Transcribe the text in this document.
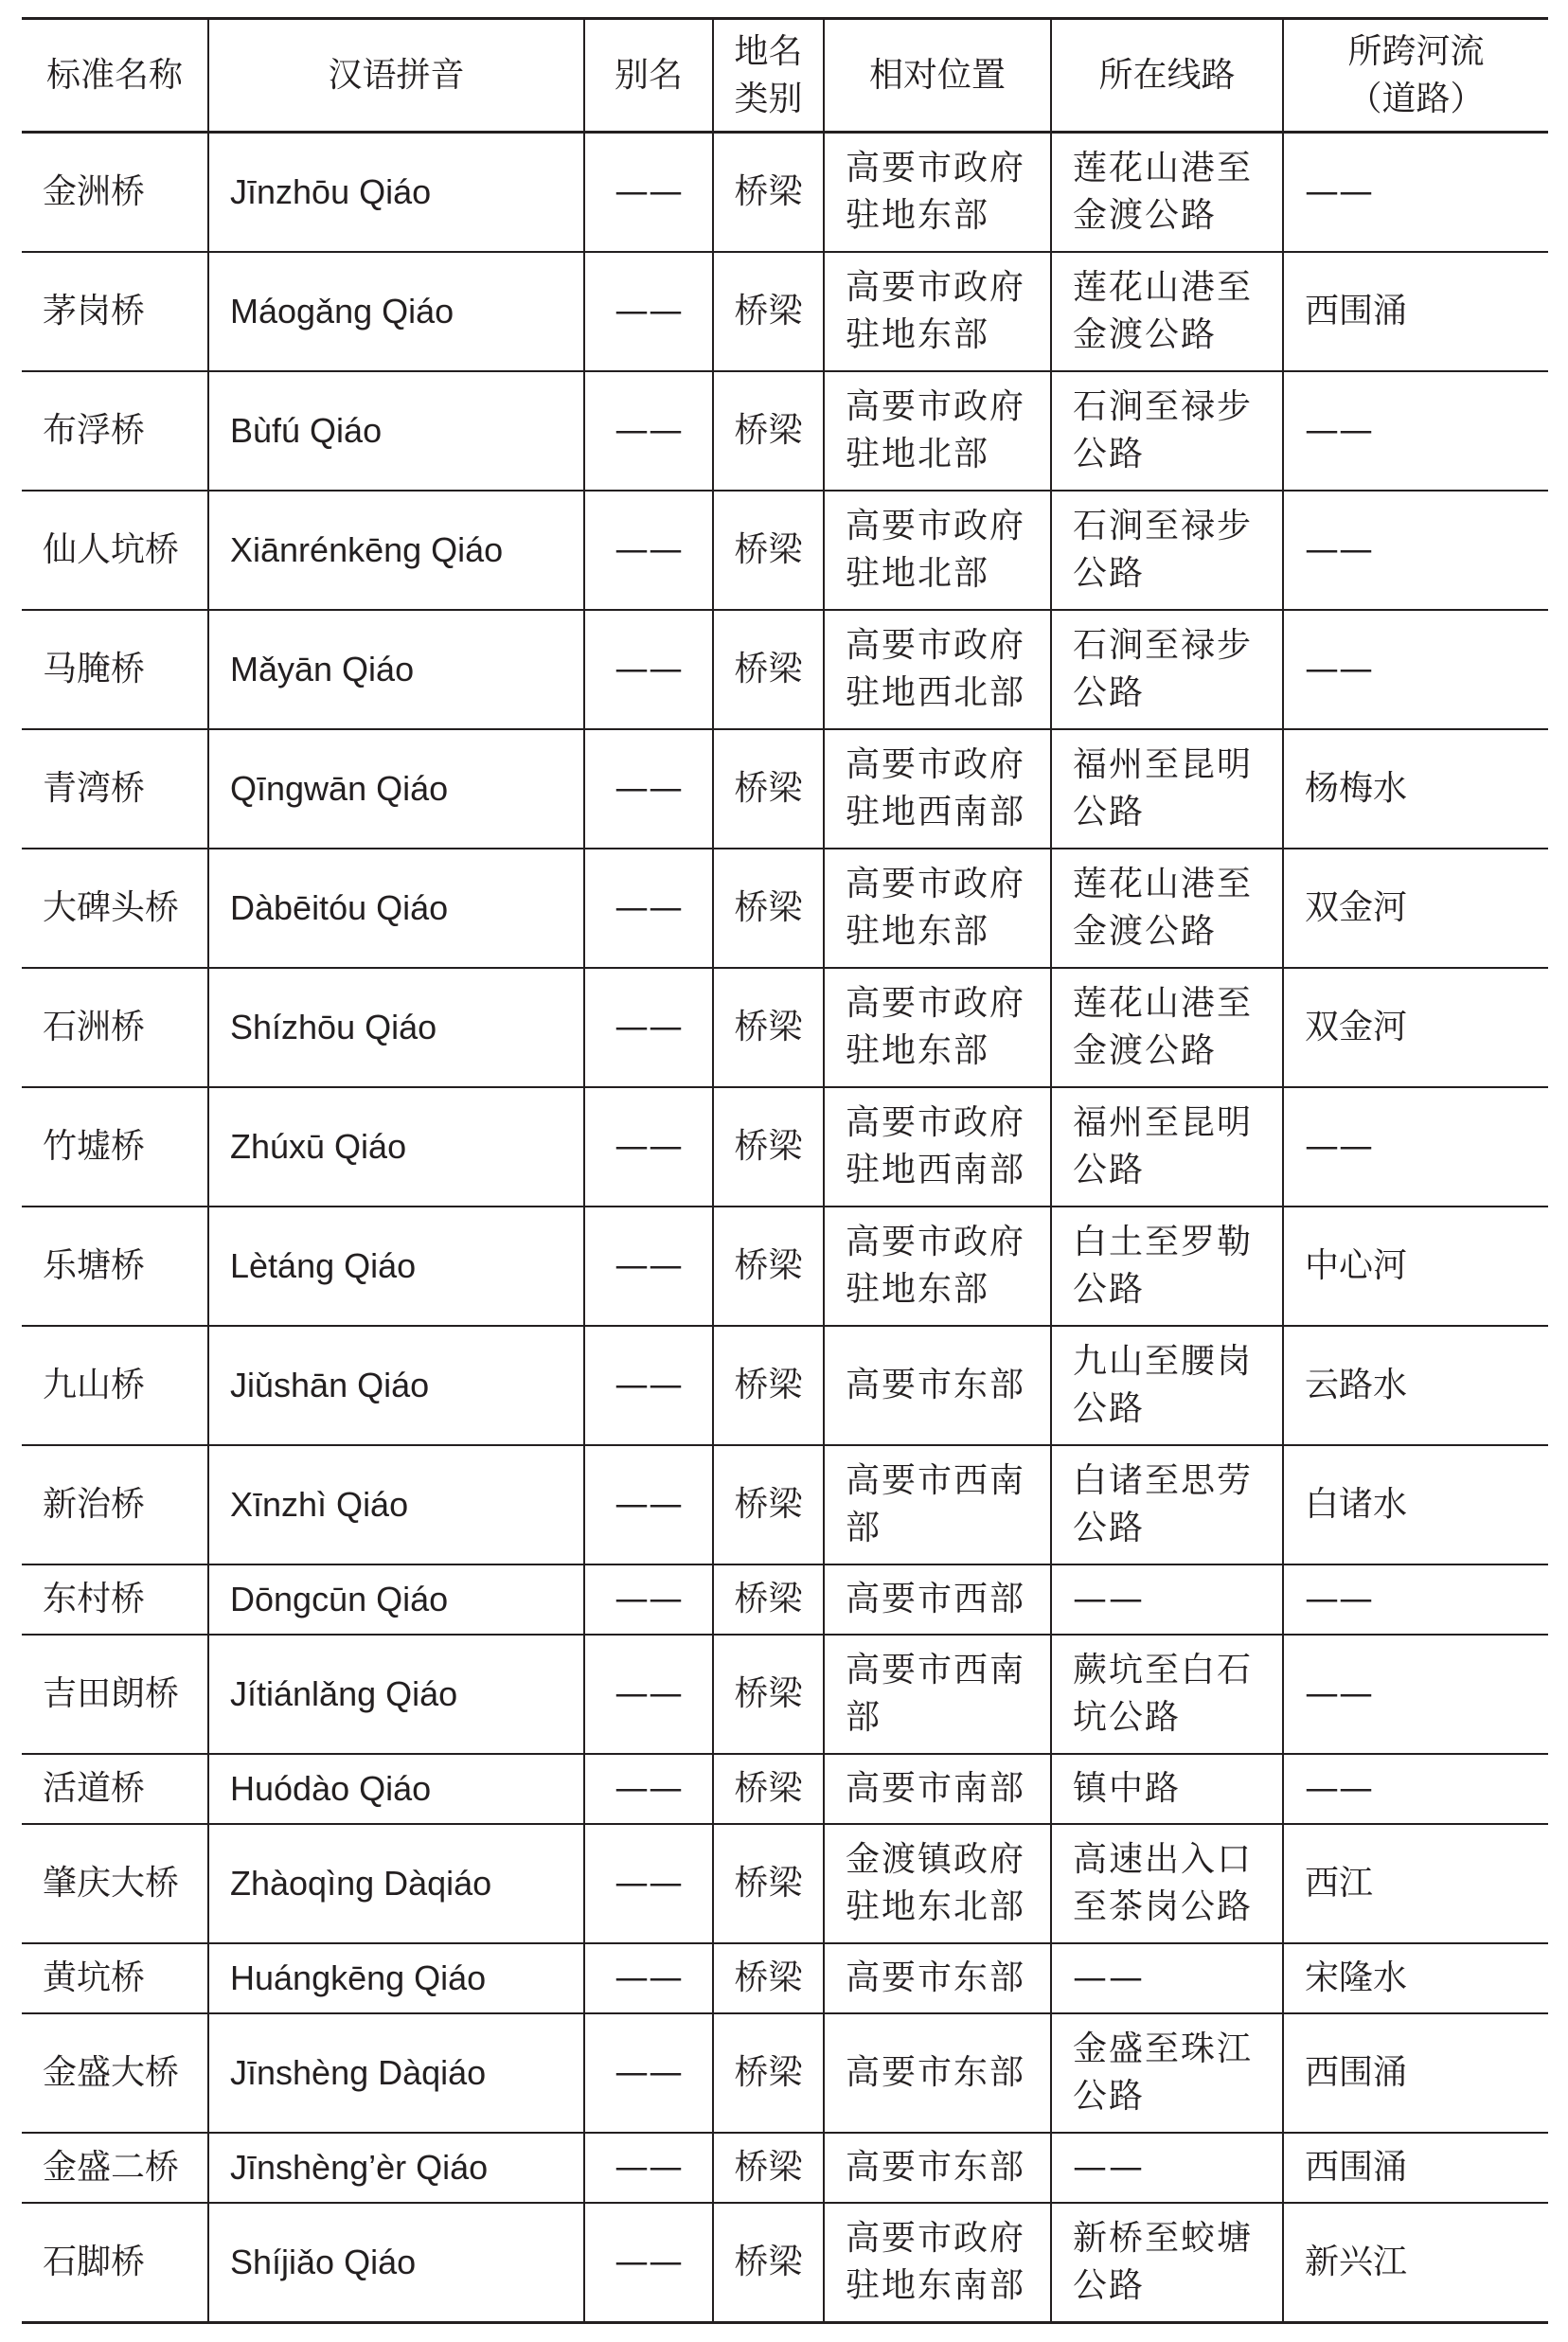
标准名称	汉语拼音	别名	地名类别	相对位置	所在线路	所跨河流（道路）

金洲桥	Jīnzhōu Qiáo	——	桥梁	高要市政府驻地东部	莲花山港至金渡公路	——
茅岗桥	Máogǎng Qiáo	——	桥梁	高要市政府驻地东部	莲花山港至金渡公路	西围涌
布浮桥	Bùfú Qiáo	——	桥梁	高要市政府驻地北部	石涧至禄步公路	——
仙人坑桥	Xiānrénkēng Qiáo	——	桥梁	高要市政府驻地北部	石涧至禄步公路	——
马腌桥	Mǎyān Qiáo	——	桥梁	高要市政府驻地西北部	石涧至禄步公路	——
青湾桥	Qīngwān Qiáo	——	桥梁	高要市政府驻地西南部	福州至昆明公路	杨梅水
大碑头桥	Dàbēitóu Qiáo	——	桥梁	高要市政府驻地东部	莲花山港至金渡公路	双金河
石洲桥	Shízhōu Qiáo	——	桥梁	高要市政府驻地东部	莲花山港至金渡公路	双金河
竹墟桥	Zhúxū Qiáo	——	桥梁	高要市政府驻地西南部	福州至昆明公路	——
乐塘桥	Lètáng Qiáo	——	桥梁	高要市政府驻地东部	白土至罗勒公路	中心河
九山桥	Jiǔshān Qiáo	——	桥梁	高要市东部	九山至腰岗公路	云路水
新治桥	Xīnzhì Qiáo	——	桥梁	高要市西南部	白诸至思劳公路	白诸水
东村桥	Dōngcūn Qiáo	——	桥梁	高要市西部	——	——
吉田朗桥	Jítiánlǎng Qiáo	——	桥梁	高要市西南部	蕨坑至白石坑公路	——
活道桥	Huódào Qiáo	——	桥梁	高要市南部	镇中路	——
肇庆大桥	Zhàoqìng Dàqiáo	——	桥梁	金渡镇政府驻地东北部	高速出入口至茶岗公路	西江
黄坑桥	Huángkēng Qiáo	——	桥梁	高要市东部	——	宋隆水
金盛大桥	Jīnshèng Dàqiáo	——	桥梁	高要市东部	金盛至珠江公路	西围涌
金盛二桥	Jīnshèng’èr Qiáo	——	桥梁	高要市东部	——	西围涌
石脚桥	Shíjiǎo Qiáo	——	桥梁	高要市政府驻地东南部	新桥至蛟塘公路	新兴江
